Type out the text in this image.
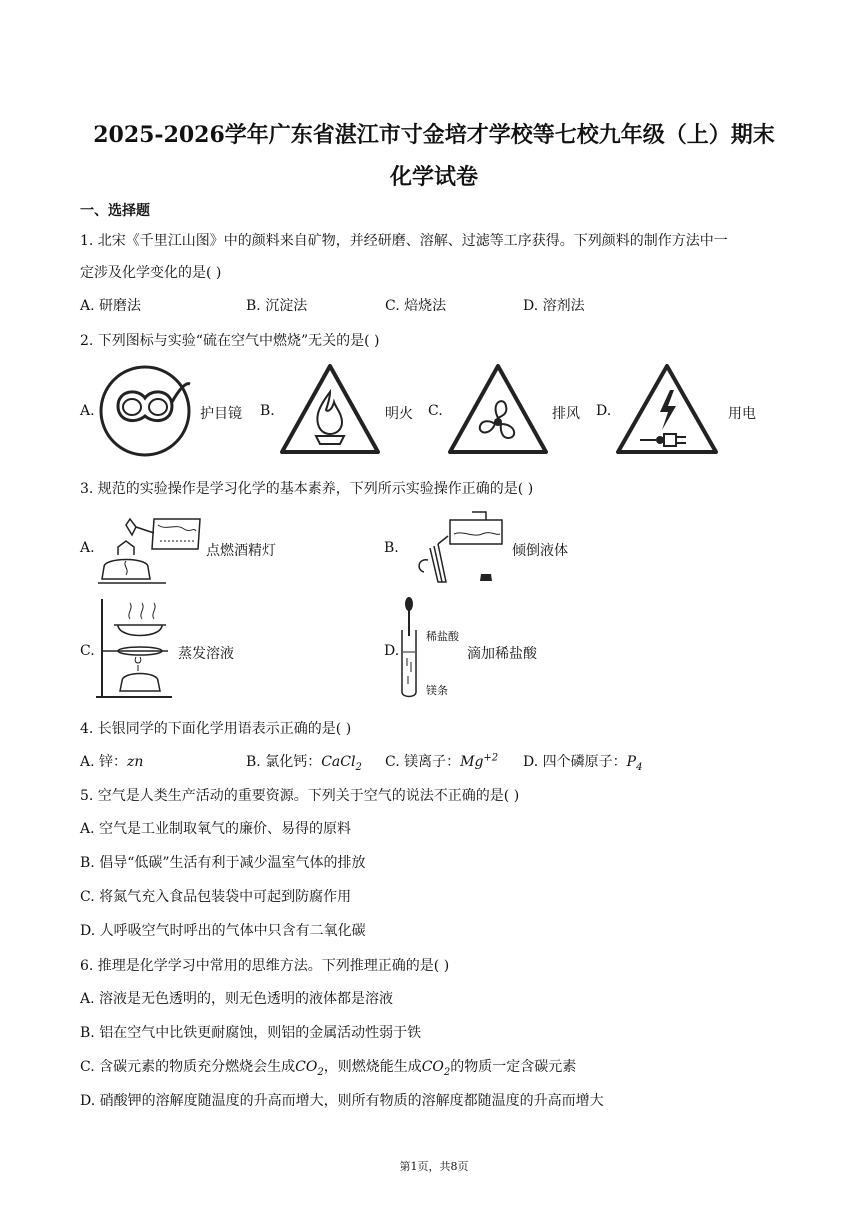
2025-2026学年广东省湛江市寸金培才学校等七校九年级（上）期末
化学试卷
一、选择题
1. 北宋《千里江山图》中的颜料来自矿物，并经研磨、溶解、过滤等工序获得。下列颜料的制作方法中一
定涉及化学变化的是( )
A. 研磨法	B. 沉淀法	C. 焙烧法	D. 溶剂法
2. 下列图标与实验“硫在空气中燃烧”无关的是( )
A.	护目镜 B.	明火 C.	排风 D.	用电
3. 规范的实验操作是学习化学的基本素养，下列所示实验操作正确的是( )
A.	点燃酒精灯	B.	倾倒液体
C.	蒸发溶液	D.
稀盐酸
镁条
滴加稀盐酸
4. 长银同学的下面化学用语表示正确的是( )
A. 锌：zn	B. 氯化钙：CaCl$_2$ C. 镁离子：$Mg^{+2}$ D. 四个磷原子：$P_4$
5. 空气是人类生产活动的重要资源。下列关于空气的说法不正确的是( )
A. 空气是工业制取氧气的廉价、易得的原料
B. 倡导“低碳”生活有利于减少温室气体的排放
C. 将氮气充入食品包装袋中可起到防腐作用
D. 人呼吸空气时呼出的气体中只含有二氧化碳
6. 推理是化学学习中常用的思维方法。下列推理正确的是( )
A. 溶液是无色透明的，则无色透明的液体都是溶液
B. 铝在空气中比铁更耐腐蚀，则铝的金属活动性弱于铁
C. 含碳元素的物质充分燃烧会生成$CO_2$，则燃烧能生成$CO_2$的物质一定含碳元素
D. 硝酸钾的溶解度随温度的升高而增大，则所有物质的溶解度都随温度的升高而增大
第1页，共8页
